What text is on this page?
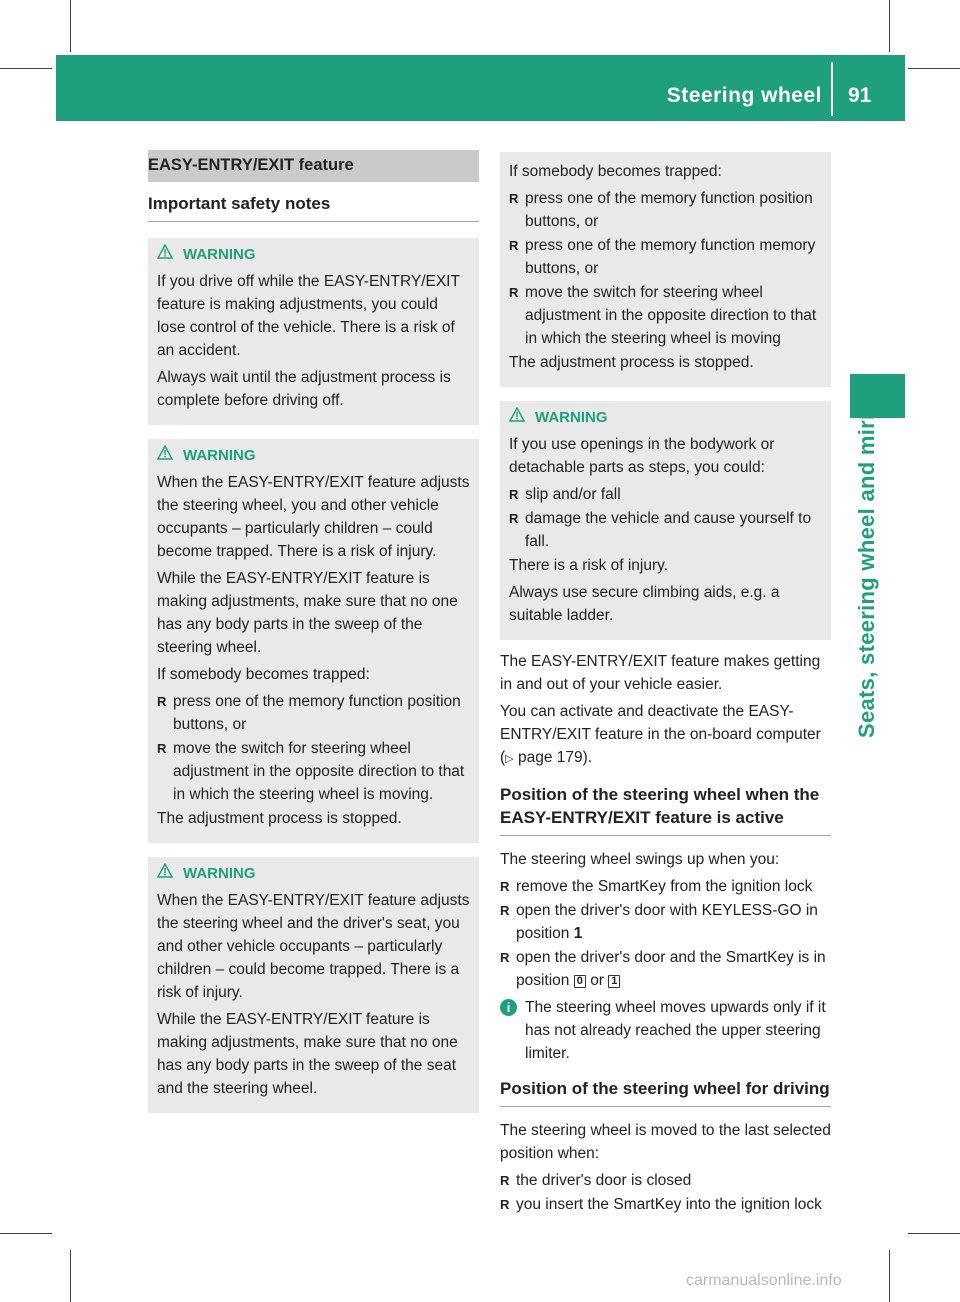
Steering wheel 91
Seats, steering wheel and mirrors
EASY-ENTRY/EXIT feature
Important safety notes
WARNING

If you drive off while the EASY-ENTRY/EXIT feature is making adjustments, you could lose control of the vehicle. There is a risk of an accident.

Always wait until the adjustment process is complete before driving off.

WARNING

When the EASY-ENTRY/EXIT feature adjusts the steering wheel, you and other vehicle occupants – particularly children – could become trapped. There is a risk of injury.

While the EASY-ENTRY/EXIT feature is making adjustments, make sure that no one has any body parts in the sweep of the steering wheel.

If somebody becomes trapped:

R press one of the memory function position buttons, or
R move the switch for steering wheel adjustment in the opposite direction to that in which the steering wheel is moving.

The adjustment process is stopped.

WARNING

When the EASY-ENTRY/EXIT feature adjusts the steering wheel and the driver's seat, you and other vehicle occupants – particularly children – could become trapped. There is a risk of injury.

While the EASY-ENTRY/EXIT feature is making adjustments, make sure that no one has any body parts in the sweep of the seat and the steering wheel.

If somebody becomes trapped:

R press one of the memory function position buttons, or
R press one of the memory function memory buttons, or
R move the switch for steering wheel adjustment in the opposite direction to that in which the steering wheel is moving

The adjustment process is stopped.

WARNING

If you use openings in the bodywork or detachable parts as steps, you could:

R slip and/or fall
R damage the vehicle and cause yourself to fall.

There is a risk of injury.

Always use secure climbing aids, e.g. a suitable ladder.

The EASY-ENTRY/EXIT feature makes getting in and out of your vehicle easier.

You can activate and deactivate the EASY-ENTRY/EXIT feature in the on-board computer (▷ page 179).

Position of the steering wheel when the EASY-ENTRY/EXIT feature is active

The steering wheel swings up when you:

R remove the SmartKey from the ignition lock
R open the driver's door with KEYLESS-GO in position 1
R open the driver's door and the SmartKey is in position 0 or 1
i The steering wheel moves upwards only if it has not already reached the upper steering limiter.
Position of the steering wheel for driving

The steering wheel is moved to the last selected position when:

R the driver's door is closed
R you insert the SmartKey into the ignition lock
carmanualsonline.info
